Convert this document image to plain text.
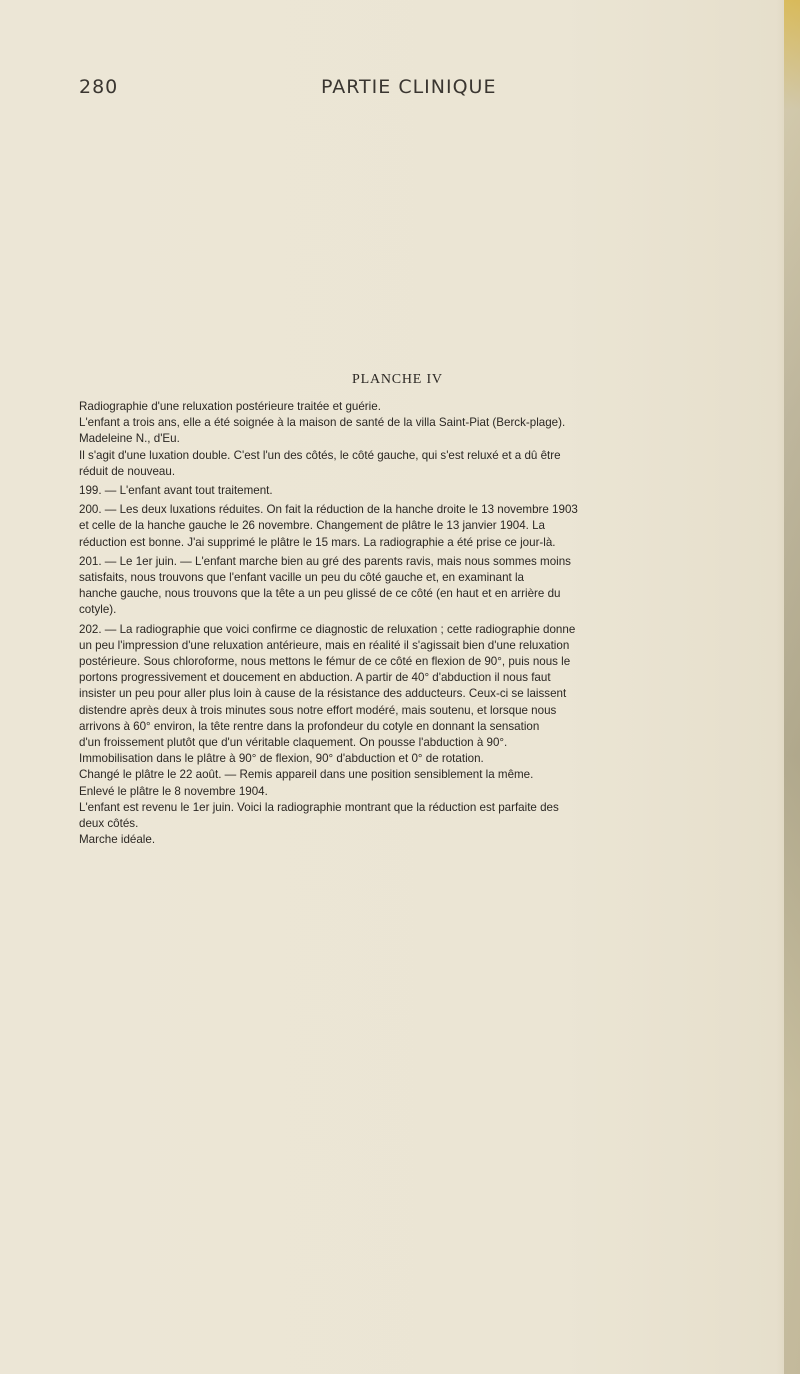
280	PARTIE CLINIQUE
PLANCHE IV

Radiographie d'une reluxation postérieure traitée et guérie.

L'enfant a trois ans, elle a été soignée à la maison de santé de la villa Saint-Piat (Berck-plage).
Madeleine N., d'Eu.

Il s'agit d'une luxation double. C'est l'un des côtés, le côté gauche, qui s'est reluxé et a dû être
réduit de nouveau.

199. — L'enfant avant tout traitement.

200. — Les deux luxations réduites. On fait la réduction de la hanche droite le 13 novembre 1903
et celle de la hanche gauche le 26 novembre. Changement de plâtre le 13 janvier 1904. La
réduction est bonne. J'ai supprimé le plâtre le 15 mars. La radiographie a été prise ce jour-là.

201. — Le 1er juin. — L'enfant marche bien au gré des parents ravis, mais nous sommes moins
satisfaits, nous trouvons que l'enfant vacille un peu du côté gauche et, en examinant la
hanche gauche, nous trouvons que la tête a un peu glissé de ce côté (en haut et en arrière du
cotyle).

202. — La radiographie que voici confirme ce diagnostic de reluxation ; cette radiographie donne
un peu l'impression d'une reluxation antérieure, mais en réalité il s'agissait bien d'une reluxation
postérieure. Sous chloroforme, nous mettons le fémur de ce côté en flexion de 90°, puis nous le
portons progressivement et doucement en abduction. A partir de 40° d'abduction il nous faut
insister un peu pour aller plus loin à cause de la résistance des adducteurs. Ceux-ci se laissent
distendre après deux à trois minutes sous notre effort modéré, mais soutenu, et lorsque nous
arrivons à 60° environ, la tête rentre dans la profondeur du cotyle en donnant la sensation
d'un froissement plutôt que d'un véritable claquement. On pousse l'abduction à 90°.

Immobilisation dans le plâtre à 90° de flexion, 90° d'abduction et 0° de rotation.

Changé le plâtre le 22 août. — Remis appareil dans une position sensiblement la même.

Enlevé le plâtre le 8 novembre 1904.

L'enfant est revenu le 1er juin. Voici la radiographie montrant que la réduction est parfaite des
deux côtés.

Marche idéale.
